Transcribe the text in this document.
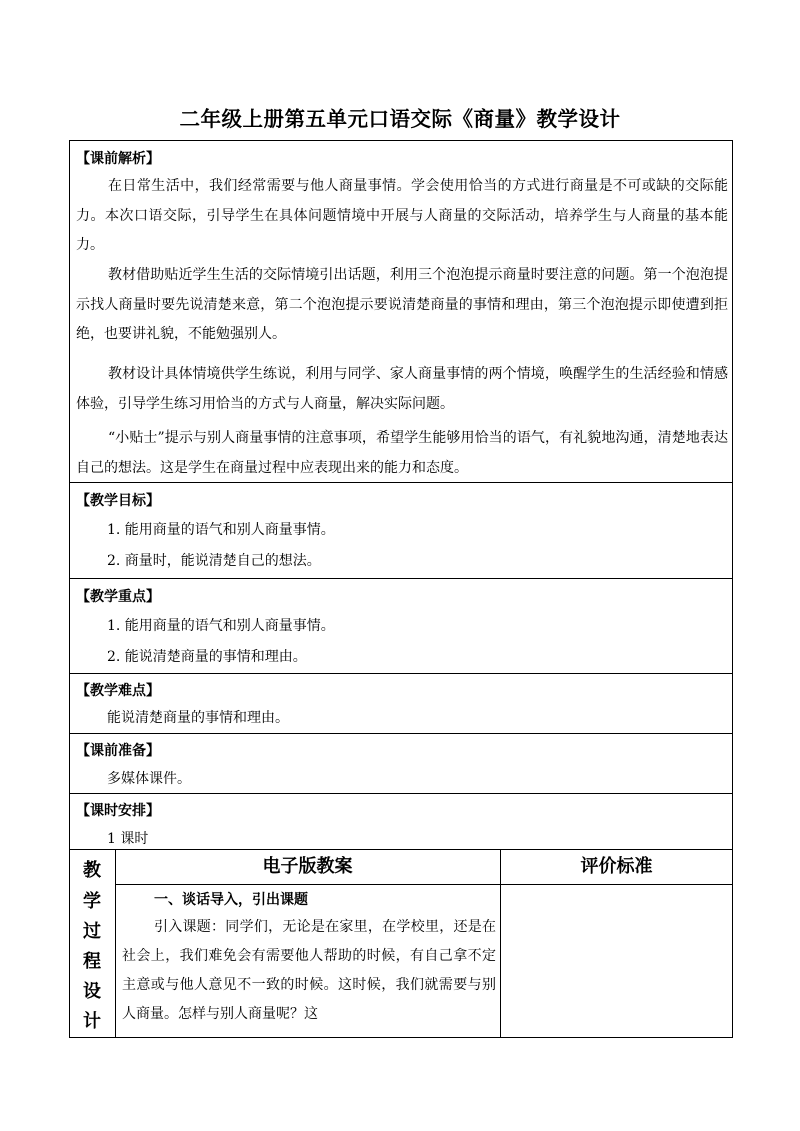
二年级上册第五单元口语交际《商量》教学设计
【课前解析】

在日常生活中，我们经常需要与他人商量事情。学会使用恰当的方式进行商量是不可或缺的交际能力。本次口语交际，引导学生在具体问题情境中开展与人商量的交际活动，培养学生与人商量的基本能力。

教材借助贴近学生生活的交际情境引出话题，利用三个泡泡提示商量时要注意的问题。第一个泡泡提示找人商量时要先说清楚来意，第二个泡泡提示要说清楚商量的事情和理由，第三个泡泡提示即使遭到拒绝，也要讲礼貌，不能勉强别人。

教材设计具体情境供学生练说，利用与同学、家人商量事情的两个情境，唤醒学生的生活经验和情感体验，引导学生练习用恰当的方式与人商量，解决实际问题。

“小贴士”提示与别人商量事情的注意事项，希望学生能够用恰当的语气，有礼貌地沟通，清楚地表达自己的想法。这是学生在商量过程中应表现出来的能力和态度。

【教学目标】
1. 能用商量的语气和别人商量事情。
2. 商量时，能说清楚自己的想法。
【教学重点】
1. 能用商量的语气和别人商量事情。
2. 能说清楚商量的事情和理由。
【教学难点】
能说清楚商量的事情和理由。
【课前准备】
多媒体课件。
【课时安排】
1 课时
教
学
过
程
设
计
电子版教案	评价标准
一、谈话导入，引出课题

引入课题：同学们，无论是在家里，在学校里，还是在社会上，我们难免会有需要他人帮助的时候，有自己拿不定主意或与他人意见不一致的时候。这时候，我们就需要与别人商量。怎样与别人商量呢？这
